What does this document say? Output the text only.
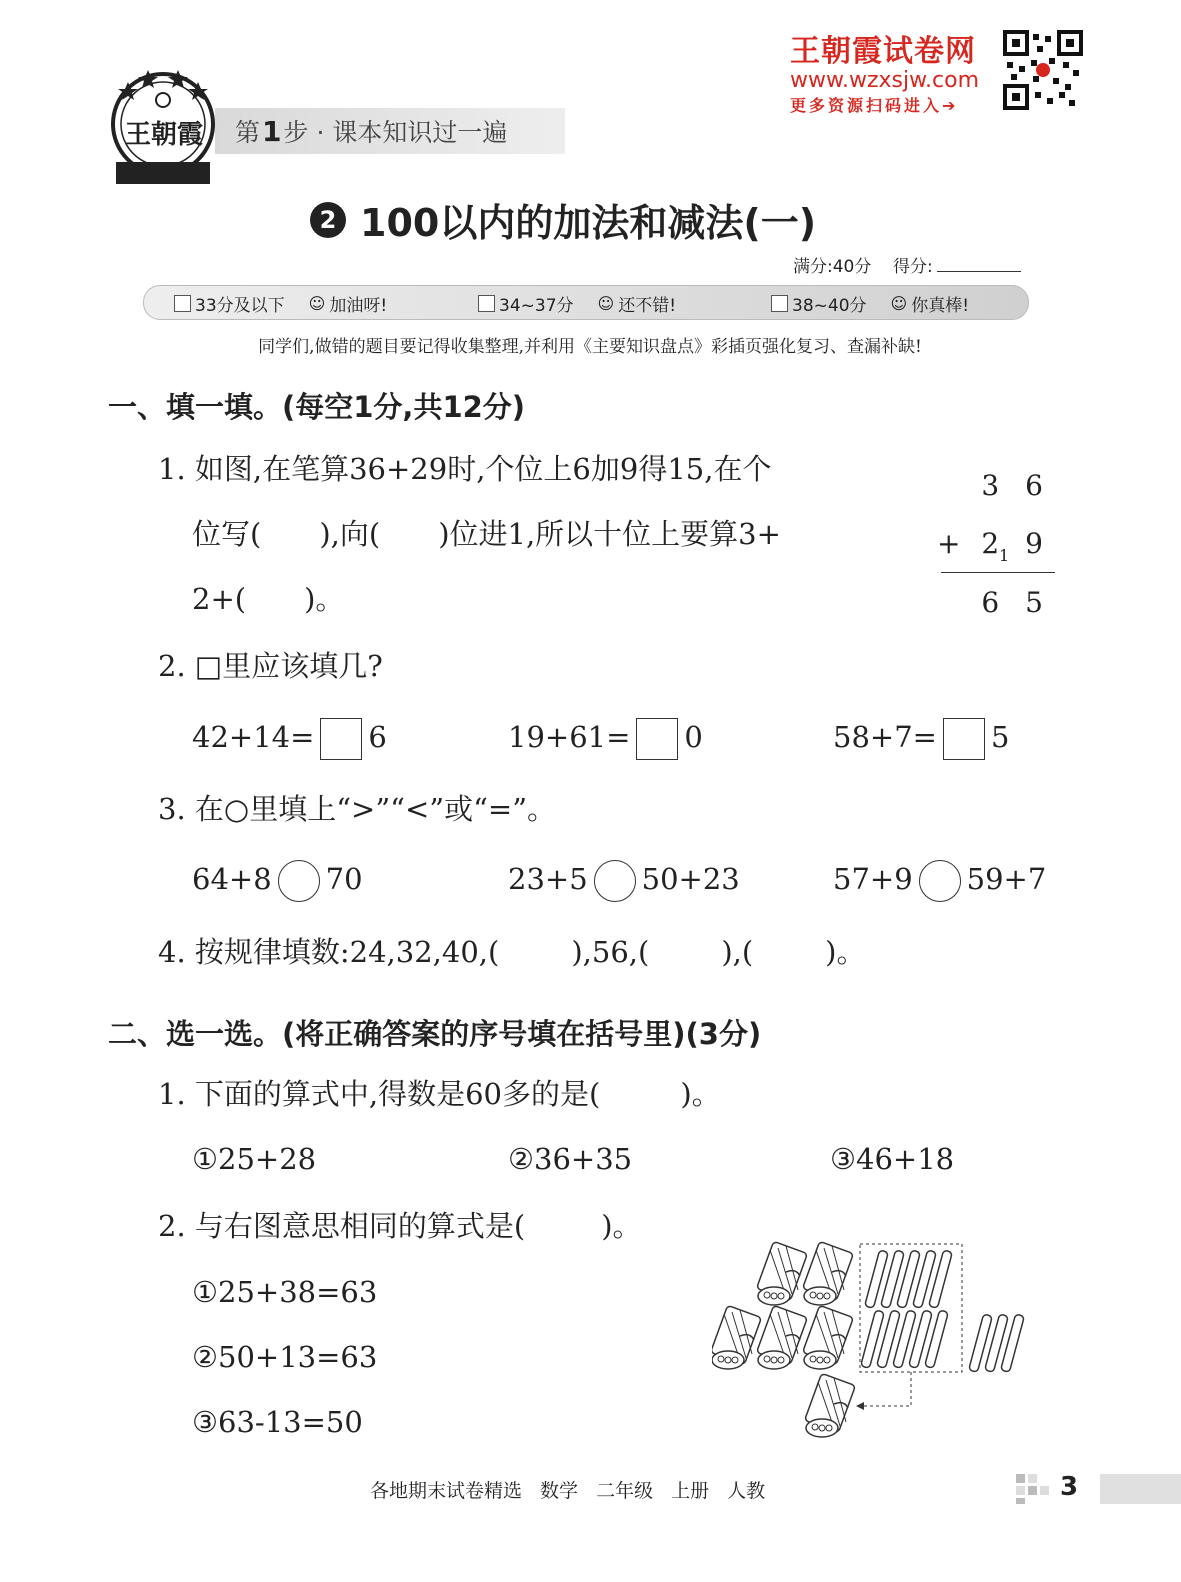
王朝霞 第 1 步 · 课本知识过一遍
王朝霞试卷网
www.wzxsjw.com
更多资源扫码进入➔
2 100以内的加法和减法(一)
满分:40分 得分:
33分及以下 ☺ 加油呀!	34~37分 ☺ 还不错!	38~40分 ☺ 你真棒!
同学们,做错的题目要记得收集整理,并利用《主要知识盘点》彩插页强化复习、查漏补缺!
一、填一填。(每空1分,共12分)
1. 如图,在笔算36+29时,个位上6加9得15,在个
位写( ),向( )位进1,所以十位上要算3+
2+( )。
3 6
+ 2 9
1
6 5
2. □里应该填几?
42+14= 6	19+61= 0	58+7= 5
3. 在○里填上“>”“<”或“=”。
64+8 70	23+5 50+23	57+9 59+7
4. 按规律填数:24,32,40,( ),56,( ),( )。
二、选一选。(将正确答案的序号填在括号里)(3分)
1. 下面的算式中,得数是60多的是(	)。
①25+28	②36+35	③46+18
2. 与右图意思相同的算式是(	)。
①25+38=63
②50+13=63
③63-13=50
各地期末试卷精选 数学 二年级 上册 人教	3
